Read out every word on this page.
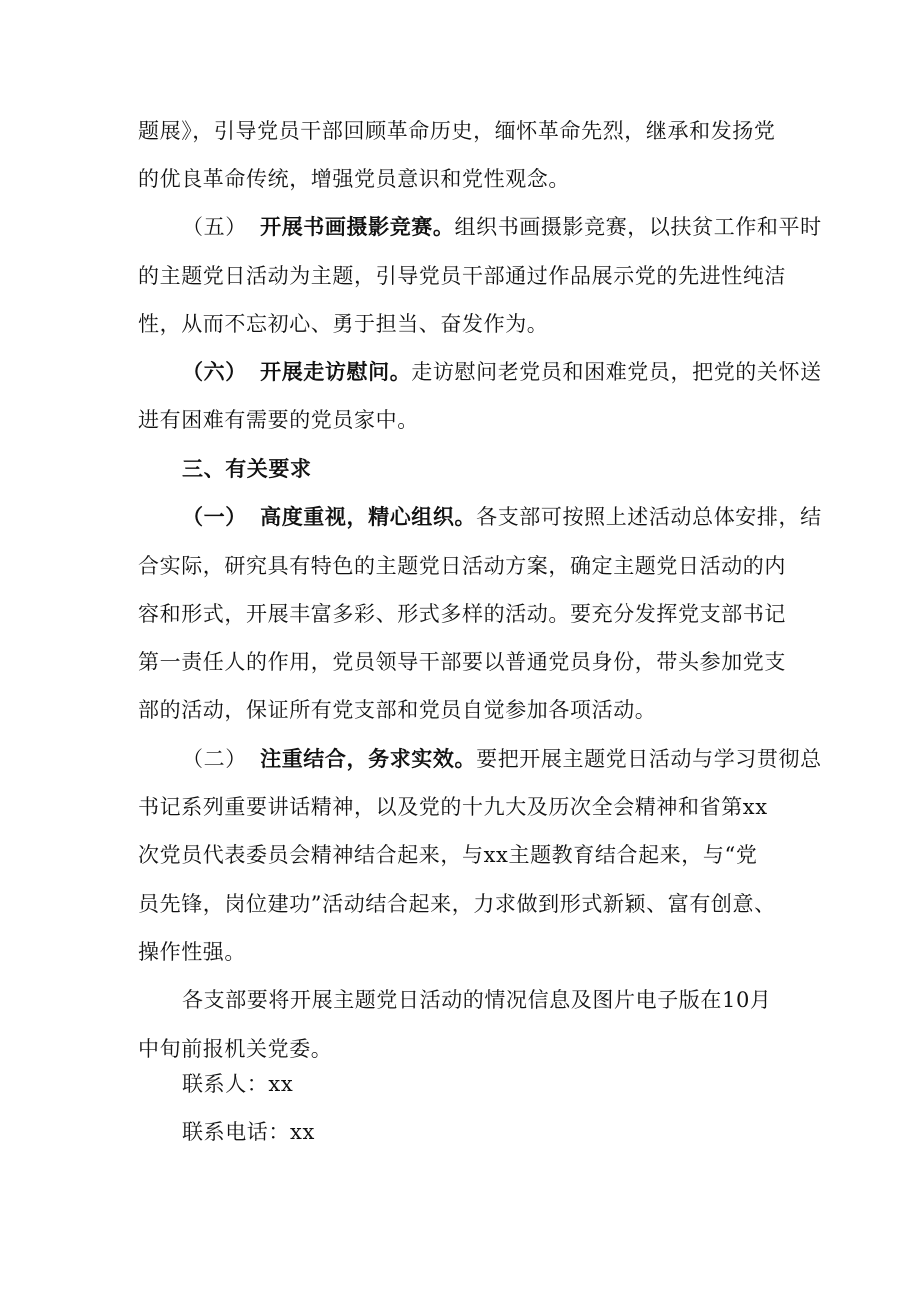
题展》，引导党员干部回顾革命历史，缅怀革命先烈，继承和发扬党
的优良革命传统，增强党员意识和党性观念。
（五） 开展书画摄影竞赛。组织书画摄影竞赛，以扶贫工作和平时
的主题党日活动为主题，引导党员干部通过作品展示党的先进性纯洁
性，从而不忘初心、勇于担当、奋发作为。
（六） 开展走访慰问。走访慰问老党员和困难党员，把党的关怀送
进有困难有需要的党员家中。
三、有关要求
（一） 高度重视，精心组织。各支部可按照上述活动总体安排，结
合实际，研究具有特色的主题党日活动方案，确定主题党日活动的内
容和形式，开展丰富多彩、形式多样的活动。要充分发挥党支部书记
第一责任人的作用，党员领导干部要以普通党员身份，带头参加党支
部的活动，保证所有党支部和党员自觉参加各项活动。
（二） 注重结合，务求实效。要把开展主题党日活动与学习贯彻总
书记系列重要讲话精神，以及党的十九大及历次全会精神和省第xx
次党员代表委员会精神结合起来，与xx主题教育结合起来，与“党
员先锋，岗位建功”活动结合起来，力求做到形式新颖、富有创意、
操作性强。
各支部要将开展主题党日活动的情况信息及图片电子版在10月
中旬前报机关党委。
联系人：xx
联系电话：xx
